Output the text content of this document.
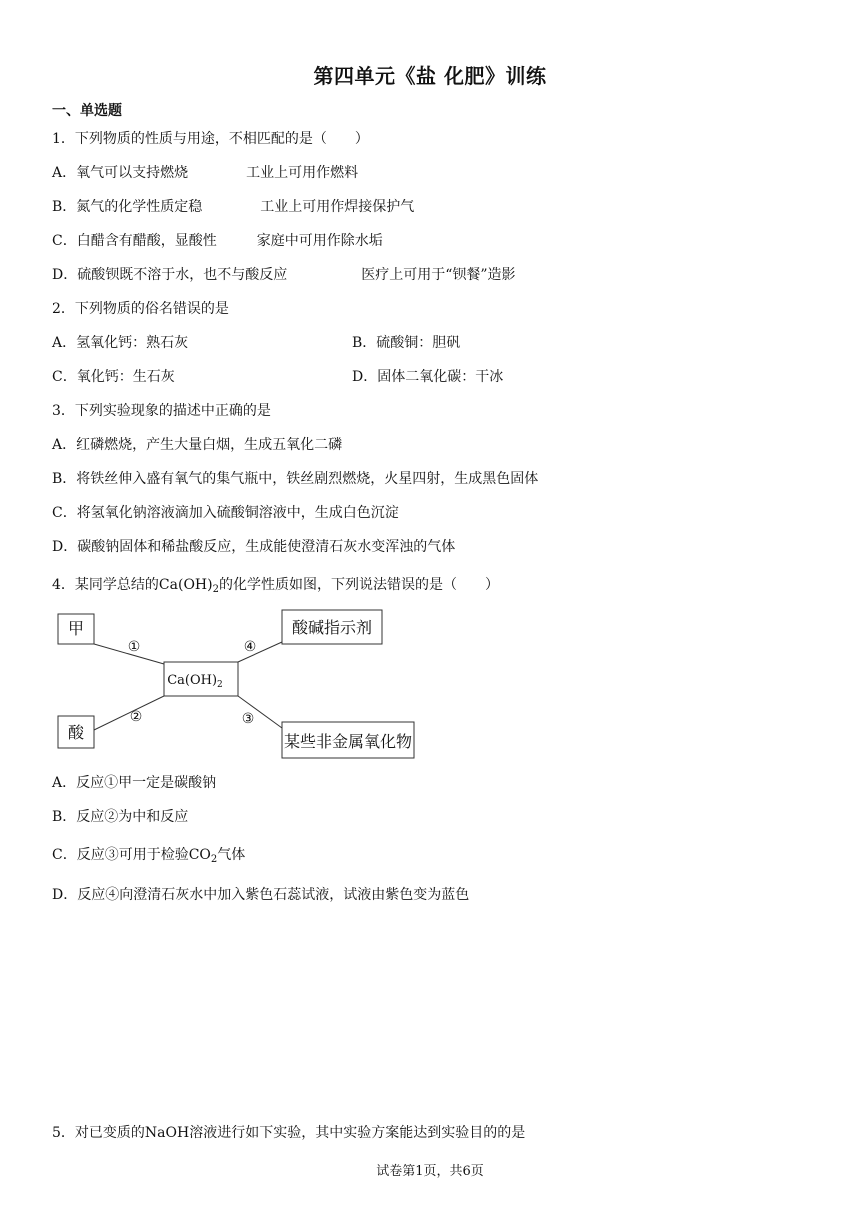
第四单元《盐 化肥》训练
一、单选题
1．下列物质的性质与用途，不相匹配的是（　　）
A．氧气可以支持燃烧	工业上可用作燃料
B．氮气的化学性质定稳	工业上可用作焊接保护气
C．白醋含有醋酸，显酸性	家庭中可用作除水垢
D．硫酸钡既不溶于水，也不与酸反应	医疗上可用于“钡餐”造影
2．下列物质的俗名错误的是
A．氢氧化钙：熟石灰	B．硫酸铜：胆矾
C．氧化钙：生石灰	D．固体二氧化碳：干冰
3．下列实验现象的描述中正确的是
A．红磷燃烧，产生大量白烟，生成五氧化二磷
B．将铁丝伸入盛有氧气的集气瓶中，铁丝剧烈燃烧，火星四射，生成黑色固体
C．将氢氧化钠溶液滴加入硫酸铜溶液中，生成白色沉淀
D．碳酸钠固体和稀盐酸反应，生成能使澄清石灰水变浑浊的气体
4．某同学总结的$Ca(OH)_2$的化学性质如图，下列说法错误的是（　　）
甲
酸
酸碱指示剂
某些非金属氧化物
①
②
④
③
$Ca(OH)_2$
A．反应①甲一定是碳酸钠
B．反应②为中和反应
C．反应③可用于检验$CO_2$气体
D．反应④向澄清石灰水中加入紫色石蕊试液，试液由紫色变为蓝色
5．对已变质的NaOH溶液进行如下实验，其中实验方案能达到实验目的的是
试卷第1页，共6页
